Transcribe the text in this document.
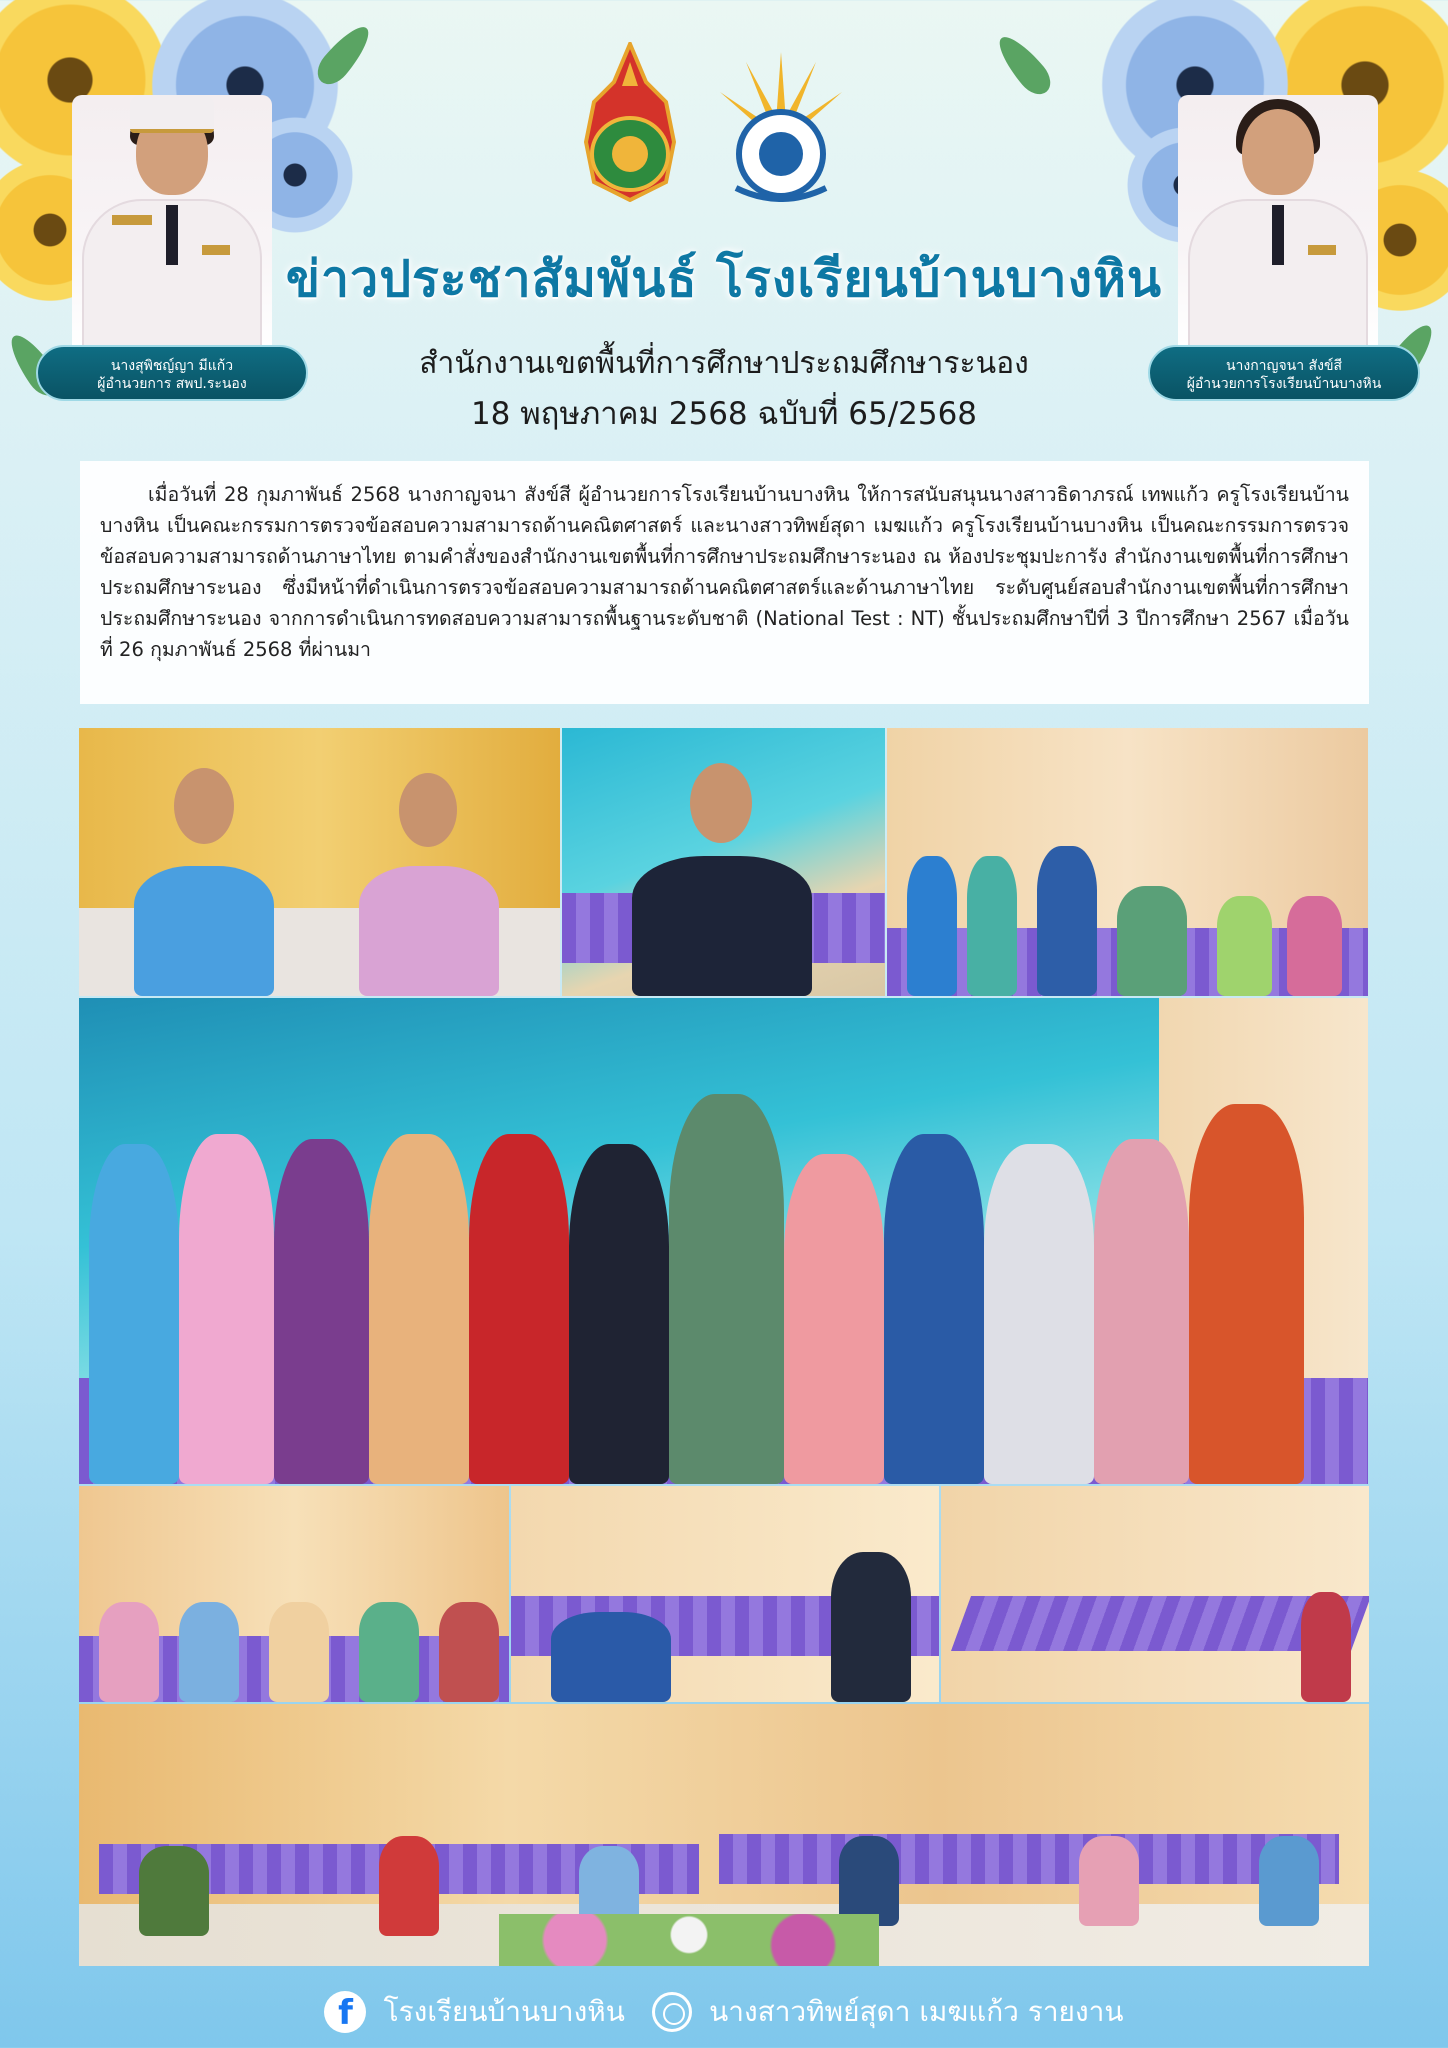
นางสุพิชญ์ญา มีแก้ว
ผู้อำนวยการ สพป.ระนอง
นางกาญจนา สังข์สี
ผู้อำนวยการโรงเรียนบ้านบางหิน
ข่าวประชาสัมพันธ์ โรงเรียนบ้านบางหิน
สำนักงานเขตพื้นที่การศึกษาประถมศึกษาระนอง
18 พฤษภาคม 2568 ฉบับที่ 65/2568

เมื่อวันที่ 28 กุมภาพันธ์ 2568 นางกาญจนา สังข์สี ผู้อำนวยการโรงเรียนบ้านบางหิน ให้การสนับสนุนนางสาวธิดาภรณ์ เทพแก้ว ครูโรงเรียนบ้านบางหิน เป็นคณะกรรมการตรวจข้อสอบความสามารถด้านคณิตศาสตร์ และนางสาวทิพย์สุดา เมฆแก้ว ครูโรงเรียนบ้านบางหิน เป็นคณะกรรมการตรวจข้อสอบความสามารถด้านภาษาไทย ตามคำสั่งของสำนักงานเขตพื้นที่การศึกษาประถมศึกษาระนอง ณ ห้องประชุมปะการัง สำนักงานเขตพื้นที่การศึกษาประถมศึกษาระนอง ซึ่งมีหน้าที่ดำเนินการตรวจข้อสอบความสามารถด้านคณิตศาสตร์และด้านภาษาไทย ระดับศูนย์สอบสำนักงานเขตพื้นที่การศึกษาประถมศึกษาระนอง จากการดำเนินการทดสอบความสามารถพื้นฐานระดับชาติ (National Test : NT) ชั้นประถมศึกษาปีที่ 3 ปีการศึกษา 2567 เมื่อวันที่ 26 กุมภาพันธ์ 2568 ที่ผ่านมา

f โรงเรียนบ้านบางหิน	นางสาวทิพย์สุดา เมฆแก้ว รายงาน
